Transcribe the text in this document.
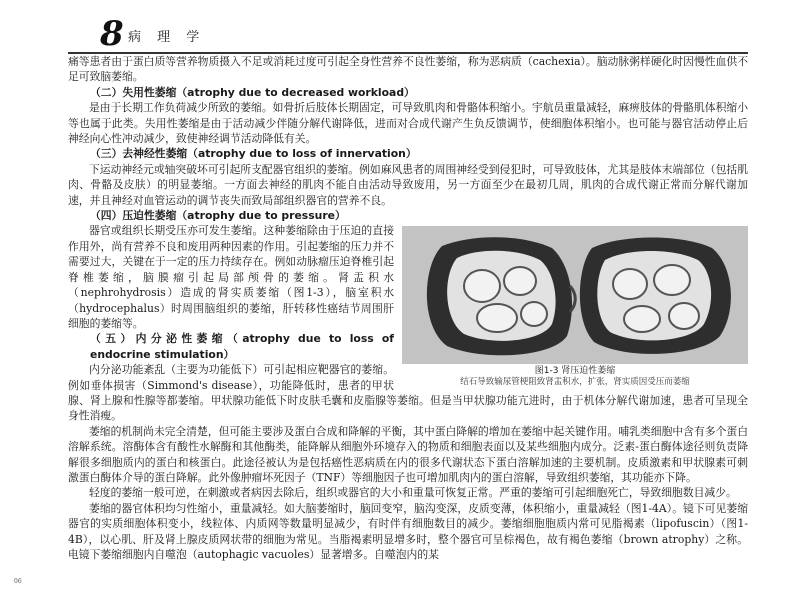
8 病 理 学

痛等患者由于蛋白质等营养物质摄入不足或消耗过度可引起全身性营养不良性萎缩，称为恶病质（cachexia）。脑动脉粥样硬化时因慢性血供不足可致脑萎缩。

（二）失用性萎缩（atrophy due to decreased workload）

是由于长期工作负荷减少所致的萎缩。如骨折后肢体长期固定，可导致肌肉和骨骼体积缩小。宇航员重量减轻，麻痹肢体的骨骼肌体积缩小等也属于此类。失用性萎缩是由于活动减少伴随分解代谢降低，进而对合成代谢产生负反馈调节，使细胞体积缩小。也可能与器官活动停止后神经向心性冲动减少，致使神经调节活动降低有关。

（三）去神经性萎缩（atrophy due to loss of innervation）

下运动神经元或轴突破坏可引起所支配器官组织的萎缩。例如麻风患者的周围神经受到侵犯时，可导致肢体，尤其是肢体末端部位（包括肌肉、骨骼及皮肤）的明显萎缩。一方面去神经的肌肉不能自由活动导致废用，另一方面至少在最初几周，肌肉的合成代谢正常而分解代谢加速，并且神经对血管运动的调节丧失而致局部组织器官的营养不良。

（四）压迫性萎缩（atrophy due to pressure）

图1-3 肾压迫性萎缩
结石导致输尿管梗阻致肾盂积水，扩张，肾实质因受压而萎缩

器官或组织长期受压亦可发生萎缩。这种萎缩除由于压迫的直接作用外，尚有营养不良和废用两种因素的作用。引起萎缩的压力并不需要过大，关键在于一定的压力持续存在。例如动脉瘤压迫脊椎引起脊椎萎缩，脑膜瘤引起局部颅骨的萎缩。肾盂积水（nephrohydrosis）造成的肾实质萎缩（图1-3），脑室积水（hydrocephalus）时周围脑组织的萎缩，肝转移性癌结节周围肝细胞的萎缩等。

（五）内分泌性萎缩（atrophy due to loss of endocrine stimulation）

内分泌功能紊乱（主要为功能低下）可引起相应靶器官的萎缩。例如垂体损害（Simmond's disease），功能降低时，患者的甲状腺、肾上腺和性腺等都萎缩。甲状腺功能低下时皮肤毛囊和皮脂腺等萎缩。但是当甲状腺功能亢进时，由于机体分解代谢加速，患者可呈现全身性消瘦。

萎缩的机制尚未完全清楚，但可能主要涉及蛋白合成和降解的平衡，其中蛋白降解的增加在萎缩中起关键作用。哺乳类细胞中含有多个蛋白溶解系统。溶酶体含有酸性水解酶和其他酶类，能降解从细胞外环境存入的物质和细胞表面以及某些细胞内成分。泛素-蛋白酶体途径则负责降解很多细胞质内的蛋白和核蛋白。此途径被认为是包括癌性恶病质在内的很多代谢状态下蛋白溶解加速的主要机制。皮质激素和甲状腺素可刺激蛋白酶体介导的蛋白降解。此外像肿瘤坏死因子（TNF）等细胞因子也可增加肌肉内的蛋白溶解，导致组织萎缩，其功能亦下降。

轻度的萎缩一般可逆，在刺激或者病因去除后，组织或器官的大小和重量可恢复正常。严重的萎缩可引起细胞死亡，导致细胞数目减少。

萎缩的器官体积均匀性缩小，重量减轻。如大脑萎缩时，脑回变窄，脑沟变深，皮质变薄，体积缩小，重量减轻（图1-4A）。镜下可见萎缩器官的实质细胞体积变小，线粒体、内质网等数量明显减少，有时伴有细胞数目的减少。萎缩细胞胞质内常可见脂褐素（lipofuscin）（图1-4B），以心肌、肝及肾上腺皮质网状带的细胞为常见。当脂褐素明显增多时，整个器官可呈棕褐色，故有褐色萎缩（brown atrophy）之称。电镜下萎缩细胞内自噬泡（autophagic vacuoles）显著增多。自噬泡内的某

06
